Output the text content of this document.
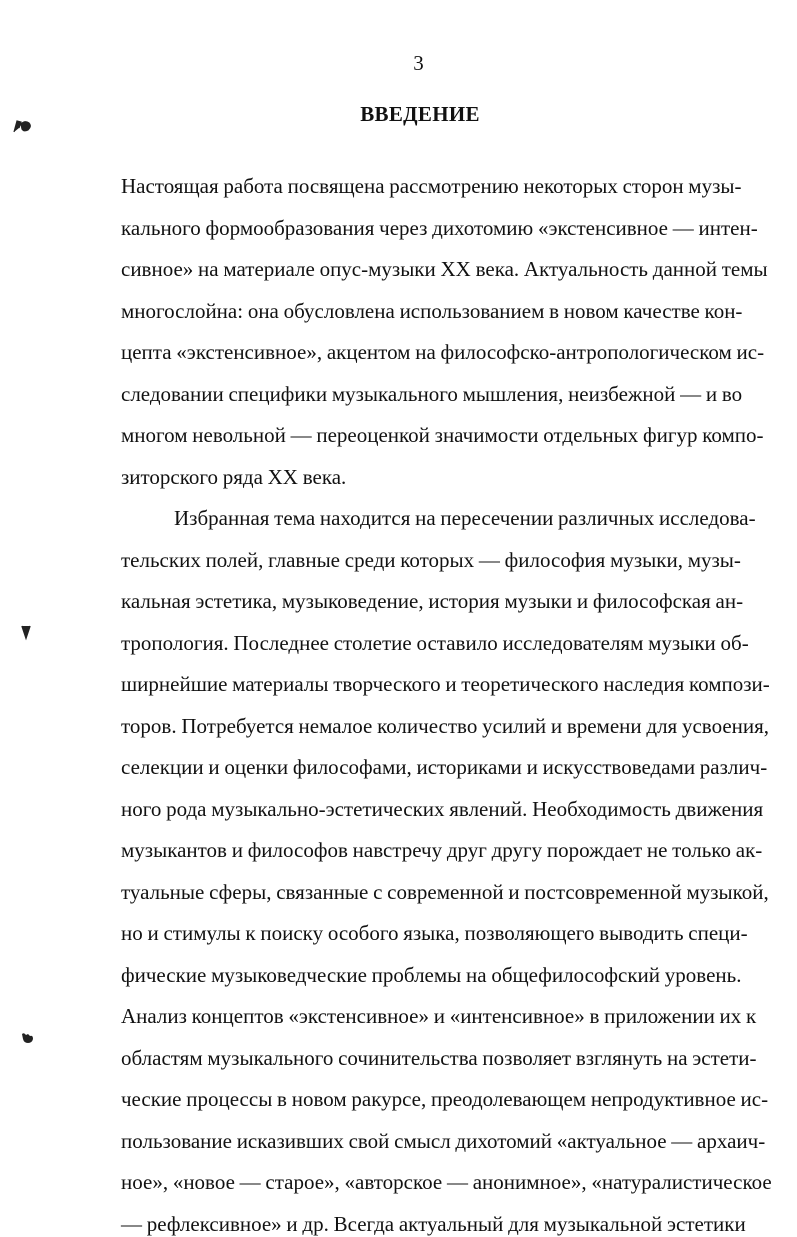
3
ВВЕДЕНИЕ
Настоящая работа посвящена рассмотрению некоторых сторон музы-
кального формообразования через дихотомию «экстенсивное — интен-
сивное» на материале опус-музыки XX века. Актуальность данной темы
многослойна: она обусловлена использованием в новом качестве кон-
цепта «экстенсивное», акцентом на философско-антропологическом ис-
следовании специфики музыкального мышления, неизбежной — и во
многом невольной — переоценкой значимости отдельных фигур компо-
зиторского ряда XX века.
Избранная тема находится на пересечении различных исследова-
тельских полей, главные среди которых — философия музыки, музы-
кальная эстетика, музыковедение, история музыки и философская ан-
тропология. Последнее столетие оставило исследователям музыки об-
ширнейшие материалы творческого и теоретического наследия компози-
торов. Потребуется немалое количество усилий и времени для усвоения,
селекции и оценки философами, историками и искусствоведами различ-
ного рода музыкально-эстетических явлений. Необходимость движения
музыкантов и философов навстречу друг другу порождает не только ак-
туальные сферы, связанные с современной и постсовременной музыкой,
но и стимулы к поиску особого языка, позволяющего выводить специ-
фические музыковедческие проблемы на общефилософский уровень.
Анализ концептов «экстенсивное» и «интенсивное» в приложении их к
областям музыкального сочинительства позволяет взглянуть на эстети-
ческие процессы в новом ракурсе, преодолевающем непродуктивное ис-
пользование исказивших свой смысл дихотомий «актуальное — архаич-
ное», «новое — старое», «авторское — анонимное», «натуралистическое
— рефлексивное» и др. Всегда актуальный для музыкальной эстетики
